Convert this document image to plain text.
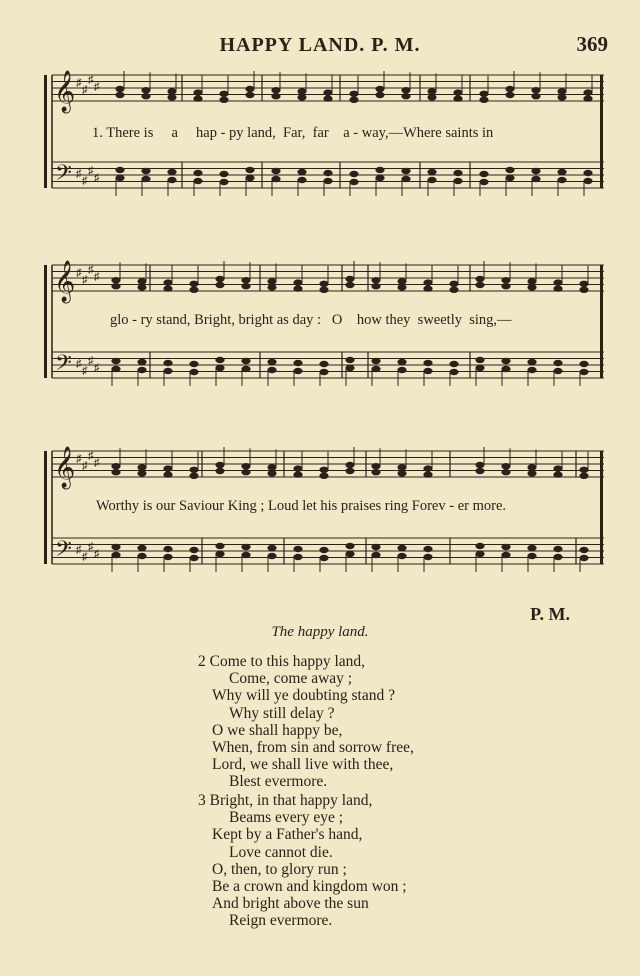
HAPPY LAND. P. M.	369
𝄞 ♯
♯
♯
♯
𝄢 ♯
♯
♯
♯
1. There is     a     hap - py land,  Far,  far    a - way,—Where saints in
𝄞 ♯
♯
♯
♯
𝄢 ♯
♯
♯
♯
glo - ry stand, Bright, bright as day :   O    how they  sweetly  sing,—
𝄞 ♯
♯
♯
♯
𝄢 ♯
♯
♯
♯
Worthy is our Saviour King ; Loud let his praises ring Forev - er more.
P. M.
The happy land.
2 Come to this happy land,
Come, come away ;
Why will ye doubting stand ?
Why still delay ?
O we shall happy be,
When, from sin and sorrow free,
Lord, we shall live with thee,
Blest evermore.
3 Bright, in that happy land,
Beams every eye ;
Kept by a Father's hand,
Love cannot die.
O, then, to glory run ;
Be a crown and kingdom won ;
And bright above the sun
Reign evermore.
